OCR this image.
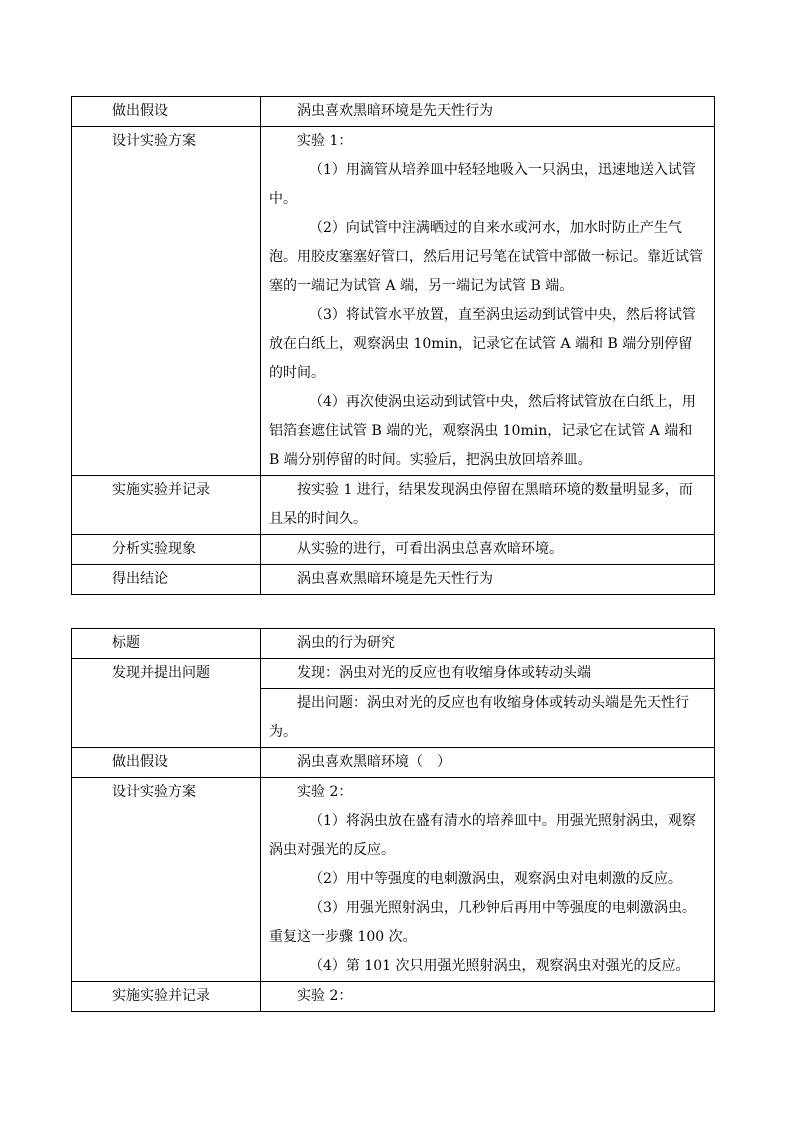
做出假设	涡虫喜欢黑暗环境是先天性行为

设计实验方案	实验 1：
（1）用滴管从培养皿中轻轻地吸入一只涡虫，迅速地送入试管中。
（2）向试管中注满晒过的自来水或河水，加水时防止产生气泡。用胶皮塞塞好管口，然后用记号笔在试管中部做一标记。靠近试管塞的一端记为试管 A 端，另一端记为试管 B 端。
（3）将试管水平放置，直至涡虫运动到试管中央，然后将试管放在白纸上，观察涡虫 10min，记录它在试管 A 端和 B 端分别停留的时间。
（4）再次使涡虫运动到试管中央，然后将试管放在白纸上，用铝箔套遮住试管 B 端的光，观察涡虫 10min，记录它在试管 A 端和 B 端分别停留的时间。实验后，把涡虫放回培养皿。

实施实验并记录	按实验 1 进行，结果发现涡虫停留在黑暗环境的数量明显多，而且呆的时间久。

分析实验现象	从实验的进行，可看出涡虫总喜欢暗环境。

得出结论	涡虫喜欢黑暗环境是先天性行为
标题	涡虫的行为研究

发现并提出问题	发现：涡虫对光的反应也有收缩身体或转动头端

	提出问题：涡虫对光的反应也有收缩身体或转动头端是先天性行为。

做出假设	涡虫喜欢黑暗环境（　）

设计实验方案	实验 2：
（1）将涡虫放在盛有清水的培养皿中。用强光照射涡虫，观察涡虫对强光的反应。
（2）用中等强度的电刺激涡虫，观察涡虫对电刺激的反应。
（3）用强光照射涡虫，几秒钟后再用中等强度的电刺激涡虫。重复这一步骤 100 次。
（4）第 101 次只用强光照射涡虫，观察涡虫对强光的反应。

实施实验并记录	实验 2：
